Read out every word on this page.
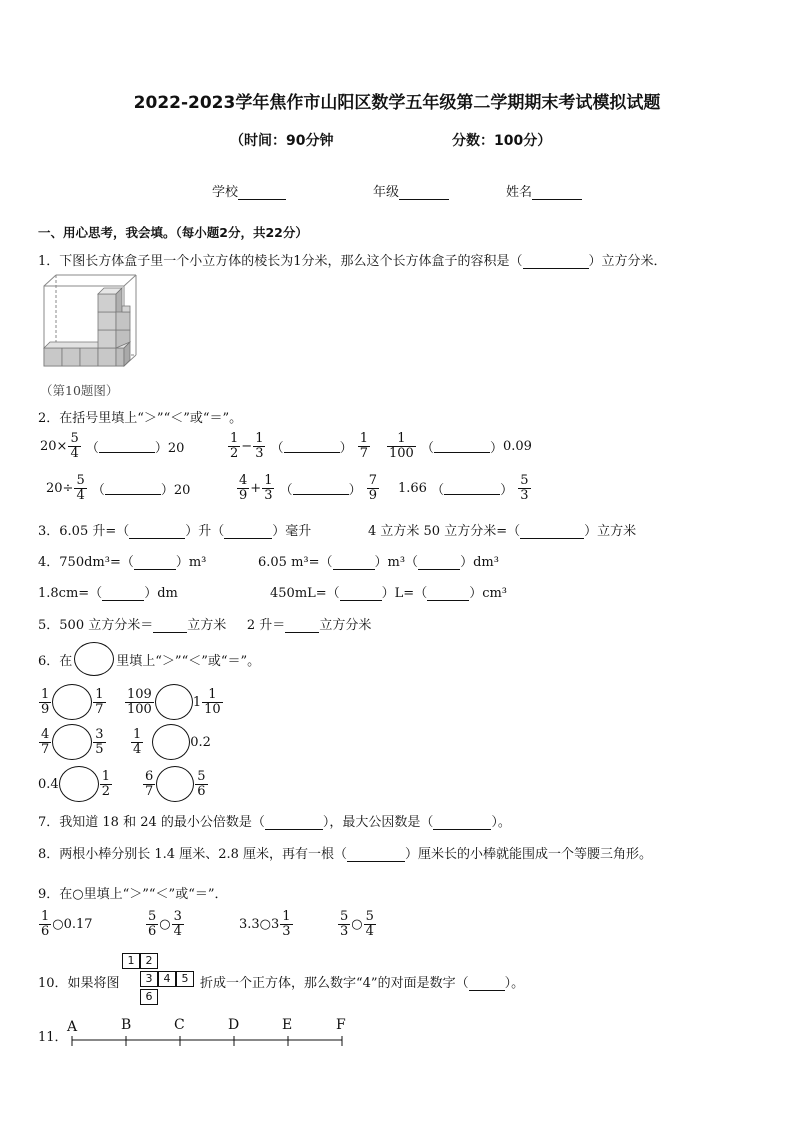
2022-2023学年焦作市山阳区数学五年级第二学期期末考试模拟试题
（时间：90分钟	分数：100分）
学校	年级	姓名
一、用心思考，我会填。（每小题2分，共22分）
1．下图长方体盒子里一个小立方体的棱长为1分米，那么这个长方体盒子的容积是（	）立方分米．
（第10题图）
2．在括号里填上“＞”“＜”或“＝”。
$20\times \frac{5}{4}$ （	）20	$\frac{1}{2} - \frac{1}{3}$ （	） $\frac{1}{7} \frac{1}{100}$ （	） 0.09
$20\div \frac{5}{4}$ （	）20	$\frac{4}{9} + \frac{1}{3}$ （	） $\frac{7}{9} 1.66$ （	） $\frac{5}{3}$
3．6.05 升=（	）升（	）毫升	4 立方米 50 立方分米=（	）立方米
4．750dm³=（	）m³	6.05 m³=（	）m³（	）dm³
1.8cm=（	）dm	450mL=（	）L=（	）cm³
5．500 立方分米＝	立方米 2 升＝	立方分米
6．在	里填上“＞”“＜”或“＝”。
$\frac{1}{9}$	$\frac{1}{7} \frac{109}{100}$	$1 \frac{1}{10}$
$\frac{4}{7}$	$\frac{3}{5} \frac{1}{4}$	0.2
0.4	$\frac{1}{2} \frac{6}{7}$	$\frac{5}{6}$
7．我知道 18 和 24 的最小公倍数是（	），最大公因数是（	）。
8．两根小棒分别长 1.4 厘米、2.8 厘米，再有一根（	）厘米长的小棒就能围成一个等腰三角形。
9．在○里填上“＞”“＜”或“＝”．
$\frac{1}{6}$ ○0.17	$\frac{5}{6}$ ○ $\frac{3}{4}$	3.3○3 $\frac{1}{3}$	$\frac{5}{3}$ ○ $\frac{5}{4}$
10．如果将图
1	2
3	4	5
6
折成一个正方体，那么数字“4”的对面是数字（	）。
11．
A	B	C	D	E	F
